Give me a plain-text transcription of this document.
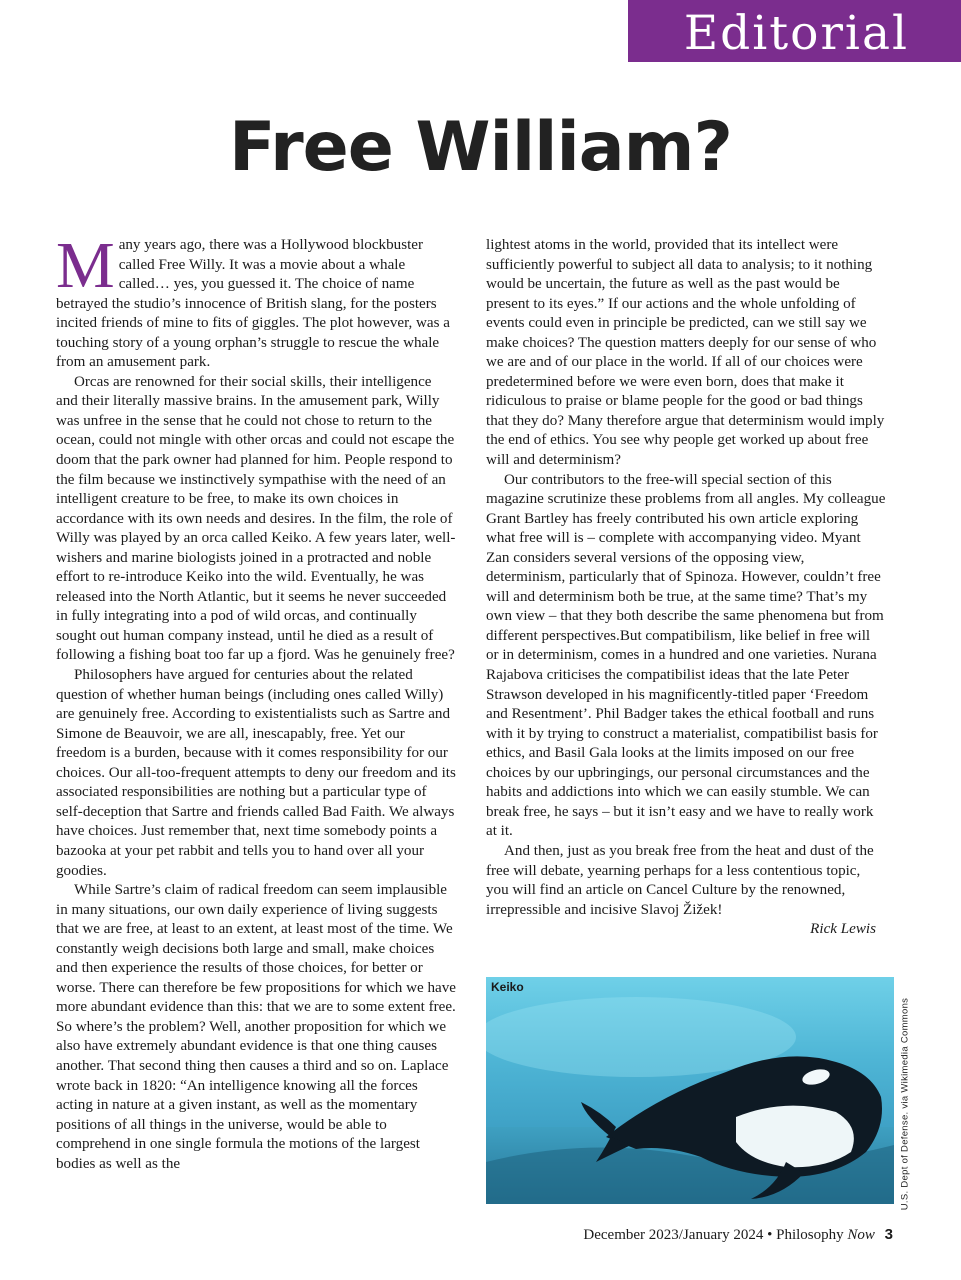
Editorial
Free William?

Many years ago, there was a Hollywood blockbuster called Free Willy. It was a movie about a whale called… yes, you guessed it. The choice of name betrayed the studio’s innocence of British slang, for the posters incited friends of mine to fits of giggles. The plot however, was a touching story of a young orphan’s struggle to rescue the whale from an amusement park.

Orcas are renowned for their social skills, their intelligence and their literally massive brains. In the amusement park, Willy was unfree in the sense that he could not chose to return to the ocean, could not mingle with other orcas and could not escape the doom that the park owner had planned for him. People respond to the film because we instinctively sympathise with the need of an intelligent creature to be free, to make its own choices in accordance with its own needs and desires. In the film, the role of Willy was played by an orca called Keiko. A few years later, well-wishers and marine biologists joined in a protracted and noble effort to re-introduce Keiko into the wild. Eventually, he was released into the North Atlantic, but it seems he never succeeded in fully integrating into a pod of wild orcas, and continually sought out human company instead, until he died as a result of following a fishing boat too far up a fjord. Was he genuinely free?

Philosophers have argued for centuries about the related question of whether human beings (including ones called Willy) are genuinely free. According to existentialists such as Sartre and Simone de Beauvoir, we are all, inescapably, free. Yet our freedom is a burden, because with it comes responsibility for our choices. Our all-too-frequent attempts to deny our freedom and its associated responsibilities are nothing but a particular type of self-deception that Sartre and friends called Bad Faith. We always have choices. Just remember that, next time somebody points a bazooka at your pet rabbit and tells you to hand over all your goodies.

While Sartre’s claim of radical freedom can seem implausible in many situations, our own daily experience of living suggests that we are free, at least to an extent, at least most of the time. We constantly weigh decisions both large and small, make choices and then experience the results of those choices, for better or worse. There can therefore be few propositions for which we have more abundant evidence than this: that we are to some extent free. So where’s the problem? Well, another proposition for which we also have extremely abundant evidence is that one thing causes another. That second thing then causes a third and so on. Laplace wrote back in 1820: “An intelligence knowing all the forces acting in nature at a given instant, as well as the momentary positions of all things in the universe, would be able to comprehend in one single formula the motions of the largest bodies as well as the

lightest atoms in the world, provided that its intellect were sufficiently powerful to subject all data to analysis; to it nothing would be uncertain, the future as well as the past would be present to its eyes.” If our actions and the whole unfolding of events could even in principle be predicted, can we still say we make choices? The question matters deeply for our sense of who we are and of our place in the world. If all of our choices were predetermined before we were even born, does that make it ridiculous to praise or blame people for the good or bad things that they do? Many therefore argue that determinism would imply the end of ethics. You see why people get worked up about free will and determinism?

Our contributors to the free-will special section of this magazine scrutinize these problems from all angles. My colleague Grant Bartley has freely contributed his own article exploring what free will is – complete with accompanying video. Myant Zan considers several versions of the opposing view, determinism, particularly that of Spinoza. However, couldn’t free will and determinism both be true, at the same time? That’s my own view – that they both describe the same phenomena but from different perspectives.But compatibilism, like belief in free will or in determinism, comes in a hundred and one varieties. Nurana Rajabova criticises the compatibilist ideas that the late Peter Strawson developed in his magnificently-titled paper ‘Freedom and Resentment’. Phil Badger takes the ethical football and runs with it by trying to construct a materialist, compatibilist basis for ethics, and Basil Gala looks at the limits imposed on our free choices by our upbringings, our personal circumstances and the habits and addictions into which we can easily stumble. We can break free, he says – but it isn’t easy and we have to really work at it.

And then, just as you break free from the heat and dust of the free will debate, yearning perhaps for a less contentious topic, you will find an article on Cancel Culture by the renowned, irrepressible and incisive Slavoj Žižek!

Rick Lewis
Keiko
U.S. Dept of Defense. via Wikimedia Commons
December 2023/January 2024 • Philosophy Now 3
